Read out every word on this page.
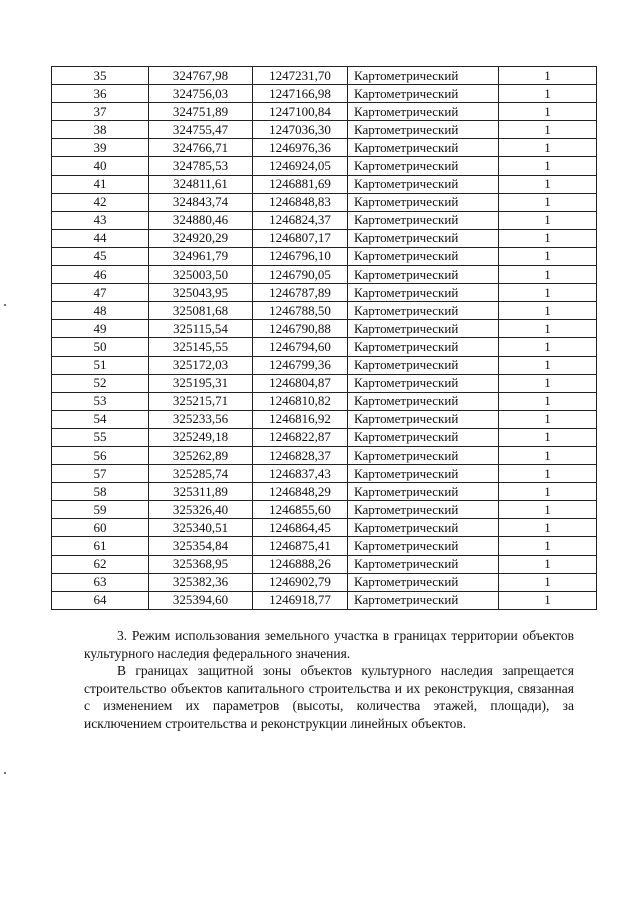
35	324767,98	1247231,70	Картометрический	1
36	324756,03	1247166,98	Картометрический	1
37	324751,89	1247100,84	Картометрический	1
38	324755,47	1247036,30	Картометрический	1
39	324766,71	1246976,36	Картометрический	1
40	324785,53	1246924,05	Картометрический	1
41	324811,61	1246881,69	Картометрический	1
42	324843,74	1246848,83	Картометрический	1
43	324880,46	1246824,37	Картометрический	1
44	324920,29	1246807,17	Картометрический	1
45	324961,79	1246796,10	Картометрический	1
46	325003,50	1246790,05	Картометрический	1
47	325043,95	1246787,89	Картометрический	1
48	325081,68	1246788,50	Картометрический	1
49	325115,54	1246790,88	Картометрический	1
50	325145,55	1246794,60	Картометрический	1
51	325172,03	1246799,36	Картометрический	1
52	325195,31	1246804,87	Картометрический	1
53	325215,71	1246810,82	Картометрический	1
54	325233,56	1246816,92	Картометрический	1
55	325249,18	1246822,87	Картометрический	1
56	325262,89	1246828,37	Картометрический	1
57	325285,74	1246837,43	Картометрический	1
58	325311,89	1246848,29	Картометрический	1
59	325326,40	1246855,60	Картометрический	1
60	325340,51	1246864,45	Картометрический	1
61	325354,84	1246875,41	Картометрический	1
62	325368,95	1246888,26	Картометрический	1
63	325382,36	1246902,79	Картометрический	1
64	325394,60	1246918,77	Картометрический	1

3. Режим использования земельного участка в границах территории объектов культурного наследия федерального значения.

В границах защитной зоны объектов культурного наследия запрещается строительство объектов капитального строительства и их реконструкция, связанная с изменением их параметров (высоты, количества этажей, площади), за исключением строительства и реконструкции линейных объектов.
